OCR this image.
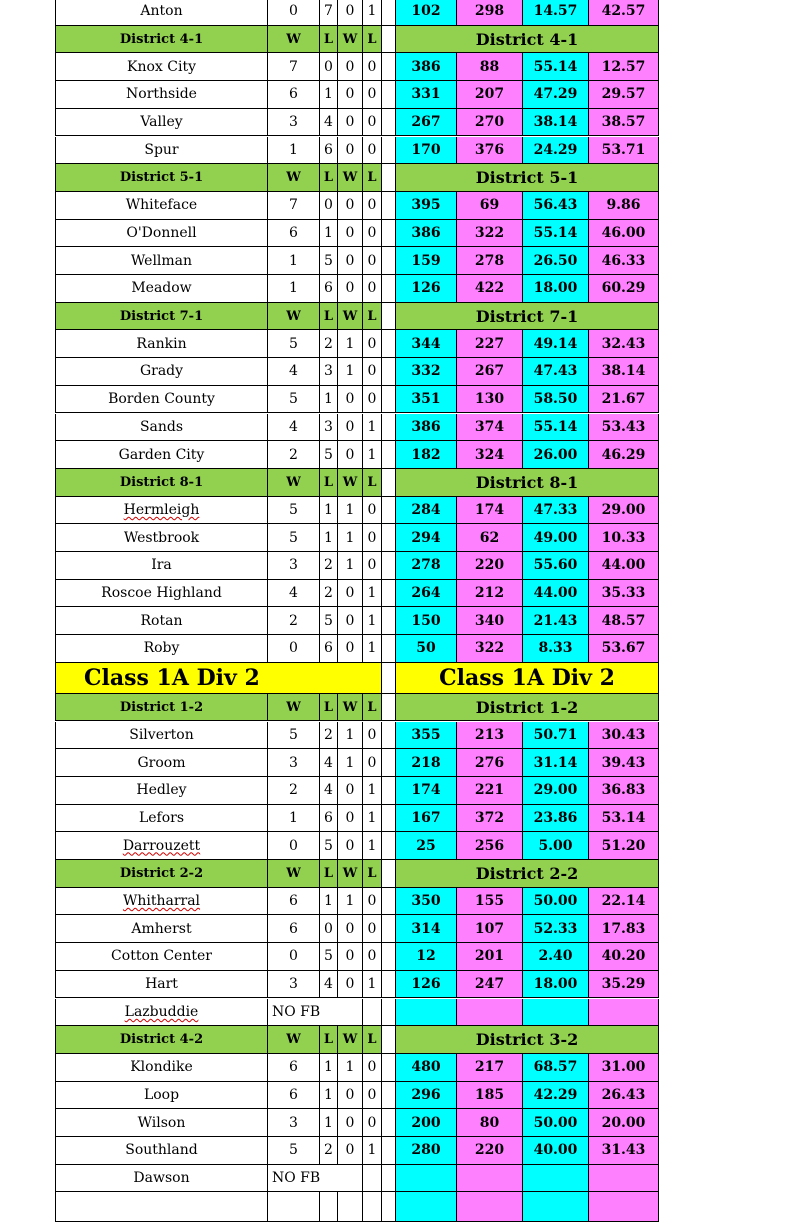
Anton	0	7 0 1	102	298	14.57	42.57
District 4-1	W	L W L	District 4-1
Knox City	7	0 0 0	386	88	55.14	12.57
Northside	6	1 0 0	331	207	47.29	29.57
Valley	3	4 0 0	267	270	38.14	38.57
Spur	1	6 0 0	170	376	24.29	53.71
District 5-1	W	L W L	District 5-1
Whiteface	7	0 0 0	395	69	56.43	9.86
O'Donnell	6	1 0 0	386	322	55.14	46.00
Wellman	1	5 0 0	159	278	26.50	46.33
Meadow	1	6 0 0	126	422	18.00	60.29
District 7-1	W	L W L	District 7-1
Rankin	5	2 1 0	344	227	49.14	32.43
Grady	4	3 1 0	332	267	47.43	38.14
Borden County	5	1 0 0	351	130	58.50	21.67
Sands	4	3 0 1	386	374	55.14	53.43
Garden City	2	5 0 1	182	324	26.00	46.29
District 8-1	W	L W L	District 8-1
Hermleigh	5	1 1 0	284	174	47.33	29.00
Westbrook	5	1 1 0	294	62	49.00	10.33
Ira	3	2 1 0	278	220	55.60	44.00
Roscoe Highland	4	2 0 1	264	212	44.00	35.33
Rotan	2	5 0 1	150	340	21.43	48.57
Roby	0	6 0 1	50	322	8.33	53.67
Class 1A Div 2	Class 1A Div 2
District 1-2	W	L W L	District 1-2
Silverton	5	2 1 0	355	213	50.71	30.43
Groom	3	4 1 0	218	276	31.14	39.43
Hedley	2	4 0 1	174	221	29.00	36.83
Lefors	1	6 0 1	167	372	23.86	53.14
Darrouzett	0	5 0 1	25	256	5.00	51.20
District 2-2	W	L W L	District 2-2
Whitharral	6	1 1 0	350	155	50.00	22.14
Amherst	6	0 0 0	314	107	52.33	17.83
Cotton Center	0	5 0 0	12	201	2.40	40.20
Hart	3	4 0 1	126	247	18.00	35.29
Lazbuddie	NO FB
District 4-2	W	L W L	District 3-2
Klondike	6	1 1 0	480	217	68.57	31.00
Loop	6	1 0 0	296	185	42.29	26.43
Wilson	3	1 0 0	200	80	50.00	20.00
Southland	5	2 0 1	280	220	40.00	31.43
Dawson	NO FB
